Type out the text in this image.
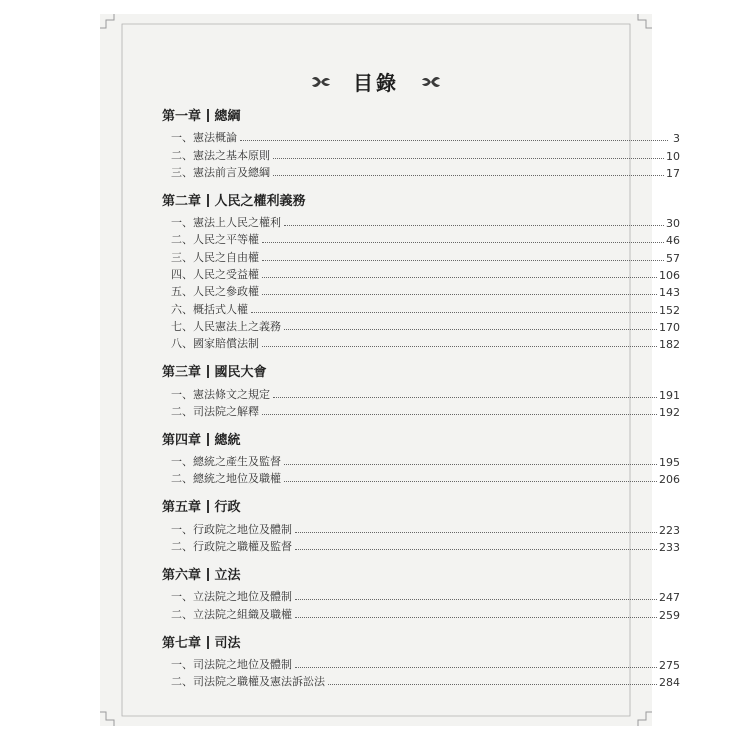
目錄
第一章 總綱
一、憲法概論	3
二、憲法之基本原則	10
三、憲法前言及總綱	17
第二章 人民之權利義務
一、憲法上人民之權利	30
二、人民之平等權	46
三、人民之自由權	57
四、人民之受益權	106
五、人民之參政權	143
六、概括式人權	152
七、人民憲法上之義務	170
八、國家賠償法制	182
第三章 國民大會
一、憲法條文之規定	191
二、司法院之解釋	192
第四章 總統
一、總統之產生及監督	195
二、總統之地位及職權	206
第五章 行政
一、行政院之地位及體制	223
二、行政院之職權及監督	233
第六章 立法
一、立法院之地位及體制	247
二、立法院之組織及職權	259
第七章 司法
一、司法院之地位及體制	275
二、司法院之職權及憲法訴訟法	284
